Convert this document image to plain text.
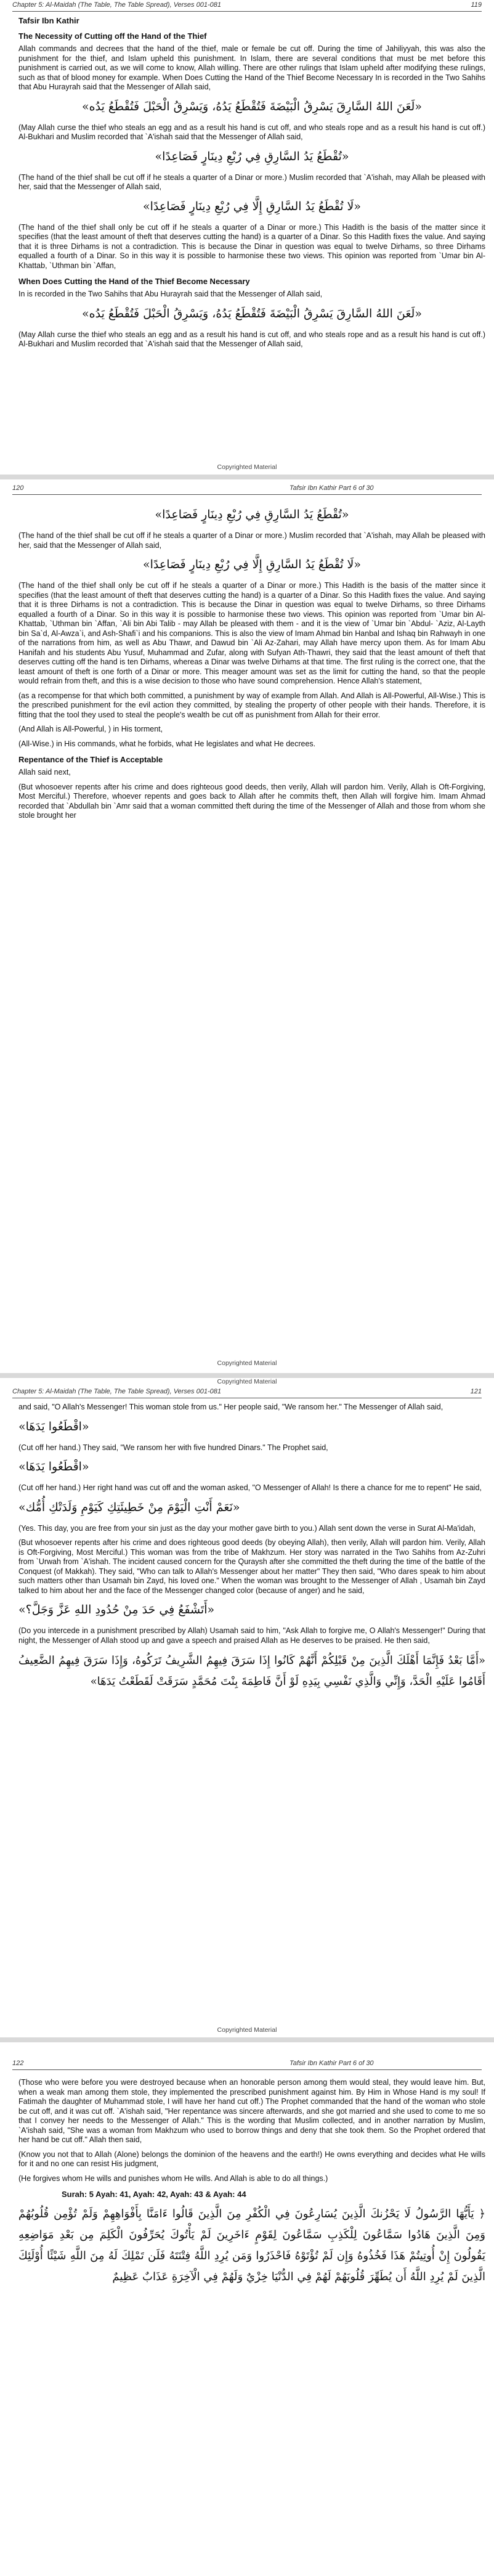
Chapter 5: Al-Maidah (The Table, The Table Spread), Verses 001-081	119
Tafsir Ibn Kathir
The Necessity of Cutting off the Hand of the Thief

Allah commands and decrees that the hand of the thief, male or female be cut off. During the time of Jahiliyyah, this was also the punishment for the thief, and Islam upheld this punishment. In Islam, there are several conditions that must be met before this punishment is carried out, as we will come to know, Allah willing. There are other rulings that Islam upheld after modifying these rulings, such as that of blood money for example. When Does Cutting the Hand of the Thief Become Necessary In is recorded in the Two Sahihs that Abu Hurayrah said that the Messenger of Allah said,

«لَعَنَ اللهُ السَّارِقَ يَسْرِقُ الْبَيْضَةَ فَتُقْطَعُ يَدُهُ، وَيَسْرِقُ الْحَبْلَ فَتُقْطَعُ يَدُه»

(May Allah curse the thief who steals an egg and as a result his hand is cut off, and who steals rope and as a result his hand is cut off.) Al-Bukhari and Muslim recorded that `A'ishah said that the Messenger of Allah said,

«تُقْطَعُ يَدُ السَّارِقِ فِي رُبْعِ دِينَارٍ فَصَاعِدًا»

(The hand of the thief shall be cut off if he steals a quarter of a Dinar or more.) Muslim recorded that `A'ishah, may Allah be pleased with her, said that the Messenger of Allah said,

«لَا تُقْطَعُ يَدُ السَّارِقِ إِلَّا فِي رُبْعِ دِينَارٍ فَصَاعِدًا»

(The hand of the thief shall only be cut off if he steals a quarter of a Dinar or more.) This Hadith is the basis of the matter since it specifies (that the least amount of theft that deserves cutting the hand) is a quarter of a Dinar. So this Hadith fixes the value. And saying that it is three Dirhams is not a contradiction. This is because the Dinar in question was equal to twelve Dirhams, so three Dirhams equalled a fourth of a Dinar. So in this way it is possible to harmonise these two views. This opinion was reported from `Umar bin Al-Khattab, `Uthman bin `Affan,

When Does Cutting the Hand of the Thief Become Necessary

In is recorded in the Two Sahihs that Abu Hurayrah said that the Messenger of Allah said,

«لَعَنَ اللهُ السَّارِقَ يَسْرِقُ الْبَيْضَةَ فَتُقْطَعُ يَدُهُ، وَيَسْرِقُ الْحَبْلَ فَتُقْطَعُ يَدُه»

(May Allah curse the thief who steals an egg and as a result his hand is cut off, and who steals rope and as a result his hand is cut off.) Al-Bukhari and Muslim recorded that `A'ishah said that the Messenger of Allah said,

Copyrighted Material
120	Tafsir Ibn Kathir Part 6 of 30
«تُقْطَعُ يَدُ السَّارِقِ فِي رُبْعِ دِينَارٍ فَصَاعِدًا»

(The hand of the thief shall be cut off if he steals a quarter of a Dinar or more.) Muslim recorded that `A'ishah, may Allah be pleased with her, said that the Messenger of Allah said,

«لَا تُقْطَعُ يَدُ السَّارِقِ إِلَّا فِي رُبْعِ دِينَارٍ فَصَاعِدًا»

(The hand of the thief shall only be cut off if he steals a quarter of a Dinar or more.) This Hadith is the basis of the matter since it specifies (that the least amount of theft that deserves cutting the hand) is a quarter of a Dinar. So this Hadith fixes the value. And saying that it is three Dirhams is not a contradiction. This is because the Dinar in question was equal to twelve Dirhams, so three Dirhams equalled a fourth of a Dinar. So in this way it is possible to harmonise these two views. This opinion was reported from `Umar bin Al-Khattab, `Uthman bin `Affan, `Ali bin Abi Talib - may Allah be pleased with them - and it is the view of `Umar bin `Abdul- `Aziz, Al-Layth bin Sa`d, Al-Awza`i, and Ash-Shafi`i and his companions. This is also the view of Imam Ahmad bin Hanbal and Ishaq bin Rahwayh in one of the narrations from him, as well as Abu Thawr, and Dawud bin `Ali Az-Zahari, may Allah have mercy upon them. As for Imam Abu Hanifah and his students Abu Yusuf, Muhammad and Zufar, along with Sufyan Ath-Thawri, they said that the least amount of theft that deserves cutting off the hand is ten Dirhams, whereas a Dinar was twelve Dirhams at that time. The first ruling is the correct one, that the least amount of theft is one forth of a Dinar or more. This meager amount was set as the limit for cutting the hand, so that the people would refrain from theft, and this is a wise decision to those who have sound comprehension. Hence Allah's statement,

(as a recompense for that which both committed, a punishment by way of example from Allah. And Allah is All-Powerful, All-Wise.) This is the prescribed punishment for the evil action they committed, by stealing the property of other people with their hands. Therefore, it is fitting that the tool they used to steal the people's wealth be cut off as punishment from Allah for their error.

(And Allah is All-Powerful, ) in His torment,

(All-Wise.) in His commands, what he forbids, what He legislates and what He decrees.

Repentance of the Thief is Acceptable

Allah said next,

(But whosoever repents after his crime and does righteous good deeds, then verily, Allah will pardon him. Verily, Allah is Oft-Forgiving, Most Merciful.) Therefore, whoever repents and goes back to Allah after he commits theft, then Allah will forgive him. Imam Ahmad recorded that `Abdullah bin `Amr said that a woman committed theft during the time of the Messenger of Allah and those from whom she stole brought her

Copyrighted Material
Copyrighted Material
Chapter 5: Al-Maidah (The Table, The Table Spread), Verses 001-081	121

and said, "O Allah's Messenger! This woman stole from us." Her people said, "We ransom her." The Messenger of Allah said,

«اقْطَعُوا يَدَهَا»

(Cut off her hand.) They said, "We ransom her with five hundred Dinars." The Prophet said,

«اقْطَعُوا يَدَهَا»

(Cut off her hand.) Her right hand was cut off and the woman asked, "O Messenger of Allah! Is there a chance for me to repent" He said,

«نَعَمْ أَنْتِ الْيَوْمَ مِنْ خَطِيئَتِكِ كَيَوْمِ وَلَدَتْكِ أُمُّك»

(Yes. This day, you are free from your sin just as the day your mother gave birth to you.) Allah sent down the verse in Surat Al-Ma'idah,

(But whosoever repents after his crime and does righteous good deeds (by obeying Allah), then verily, Allah will pardon him. Verily, Allah is Oft-Forgiving, Most Merciful.) This woman was from the tribe of Makhzum. Her story was narrated in the Two Sahihs from Az-Zuhri from `Urwah from `A'ishah. The incident caused concern for the Quraysh after she committed the theft during the time of the battle of the Conquest (of Makkah). They said, "Who can talk to Allah's Messenger about her matter" They then said, "Who dares speak to him about such matters other than Usamah bin Zayd, his loved one." When the woman was brought to the Messenger of Allah , Usamah bin Zayd talked to him about her and the face of the Messenger changed color (because of anger) and he said,

«أَتَشْفَعُ فِي حَدَ مِنْ حُدُودِ اللهِ عَزَّ وَجَلَّ؟»

(Do you intercede in a punishment prescribed by Allah) Usamah said to him, "Ask Allah to forgive me, O Allah's Messenger!" During that night, the Messenger of Allah stood up and gave a speech and praised Allah as He deserves to be praised. He then said,

«أَمَّا بَعْدُ فَإِنَّمَا أَهْلَكَ الَّذِينَ مِنْ قَبْلِكُمْ أَنَّهُمْ كَانُوا إِذَا سَرَقَ فِيهِمُ الشَّرِيفُ تَرَكُوهُ، وَإِذَا سَرَقَ فِيهِمُ الضَّعِيفُ أَقَامُوا عَلَيْهِ الْحَدَّ، وَإِنِّي وَالَّذِي نَفْسِي بِيَدِهِ لَوْ أَنَّ فَاطِمَةَ بِنْتَ مُحَمَّدٍ سَرَقَتْ لَقَطَعْتُ يَدَهَا»
Copyrighted Material
122	Tafsir Ibn Kathir Part 6 of 30

(Those who were before you were destroyed because when an honorable person among them would steal, they would leave him. But, when a weak man among them stole, they implemented the prescribed punishment against him. By Him in Whose Hand is my soul! If Fatimah the daughter of Muhammad stole, I will have her hand cut off.) The Prophet commanded that the hand of the woman who stole be cut off, and it was cut off. `A'ishah said, "Her repentance was sincere afterwards, and she got married and she used to come to me so that I convey her needs to the Messenger of Allah." This is the wording that Muslim collected, and in another narration by Muslim, `A'ishah said, "She was a woman from Makhzum who used to borrow things and deny that she took them. So the Prophet ordered that her hand be cut off." Allah then said,

(Know you not that to Allah (Alone) belongs the dominion of the heavens and the earth!) He owns everything and decides what He wills for it and no one can resist His judgment,

(He forgives whom He wills and punishes whom He wills. And Allah is able to do all things.)

Surah: 5 Ayah: 41, Ayah: 42, Ayah: 43 & Ayah: 44
﴿ يَأَيُّهَا الرَّسُولُ لَا يَحْزُنكَ الَّذِينَ يُسَارِعُونَ فِي الْكُفْرِ مِنَ الَّذِينَ قَالُوا ءَامَنَّا بِأَفْوَاهِهِمْ وَلَمْ تُؤْمِن قُلُوبُهُمْ وَمِنَ الَّذِينَ هَادُوا سَمَّاعُونَ لِلْكَذِبِ سَمَّاعُونَ لِقَوْمٍ ءَاخَرِينَ لَمْ يَأْتُوكَ يُحَرِّفُونَ الْكَلِمَ مِن بَعْدِ مَوَاضِعِهِ يَقُولُونَ إِنْ أُوتِيتُمْ هَذَا فَخُذُوهُ وَإِن لَمْ تُؤْتَوْهُ فَاحْذَرُوا وَمَن يُرِدِ اللَّهُ فِتْنَتَهُ فَلَن تَمْلِكَ لَهُ مِنَ اللَّهِ شَيْئًا أُوْلَئِكَ الَّذِينَ لَمْ يُرِدِ اللَّهُ أَن يُطَهِّرَ قُلُوبَهُمْ لَهُمْ فِي الدُّنْيَا خِزْيٌ وَلَهُمْ فِي الْآخِرَةِ عَذَابٌ عَظِيمٌ
